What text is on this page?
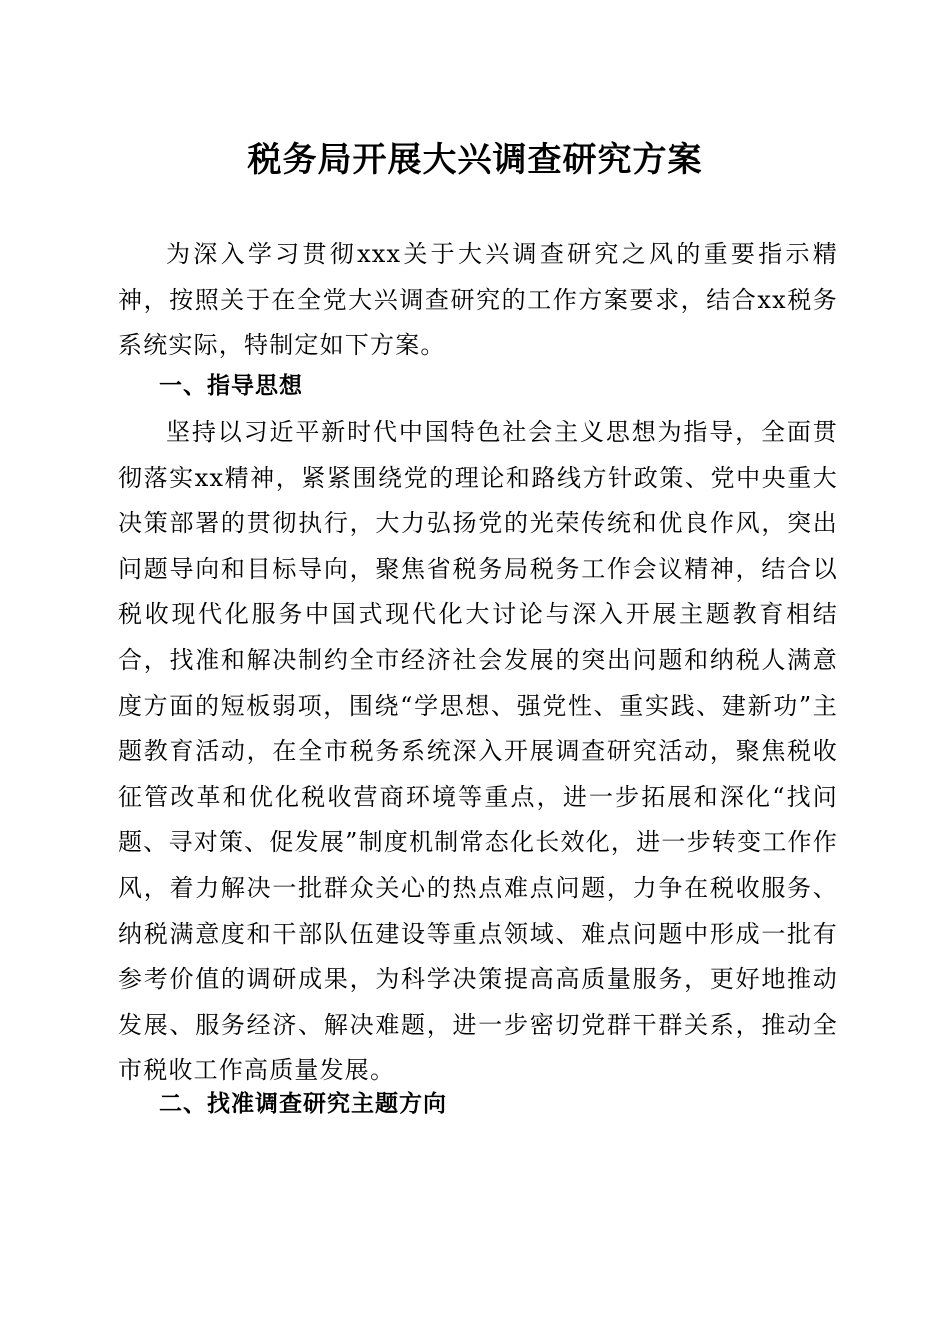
税务局开展大兴调查研究方案

为深入学习贯彻xxx关于大兴调查研究之风的重要指示精神，按照关于在全党大兴调查研究的工作方案要求，结合xx税务系统实际，特制定如下方案。

一、指导思想

坚持以习近平新时代中国特色社会主义思想为指导，全面贯彻落实xx精神，紧紧围绕党的理论和路线方针政策、党中央重大决策部署的贯彻执行，大力弘扬党的光荣传统和优良作风，突出问题导向和目标导向，聚焦省税务局税务工作会议精神，结合以税收现代化服务中国式现代化大讨论与深入开展主题教育相结合，找准和解决制约全市经济社会发展的突出问题和纳税人满意度方面的短板弱项，围绕“学思想、强党性、重实践、建新功”主题教育活动，在全市税务系统深入开展调查研究活动，聚焦税收征管改革和优化税收营商环境等重点，进一步拓展和深化“找问题、寻对策、促发展”制度机制常态化长效化，进一步转变工作作风，着力解决一批群众关心的热点难点问题，力争在税收服务、纳税满意度和干部队伍建设等重点领域、难点问题中形成一批有参考价值的调研成果，为科学决策提高高质量服务，更好地推动发展、服务经济、解决难题，进一步密切党群干群关系，推动全市税收工作高质量发展。

二、找准调查研究主题方向
